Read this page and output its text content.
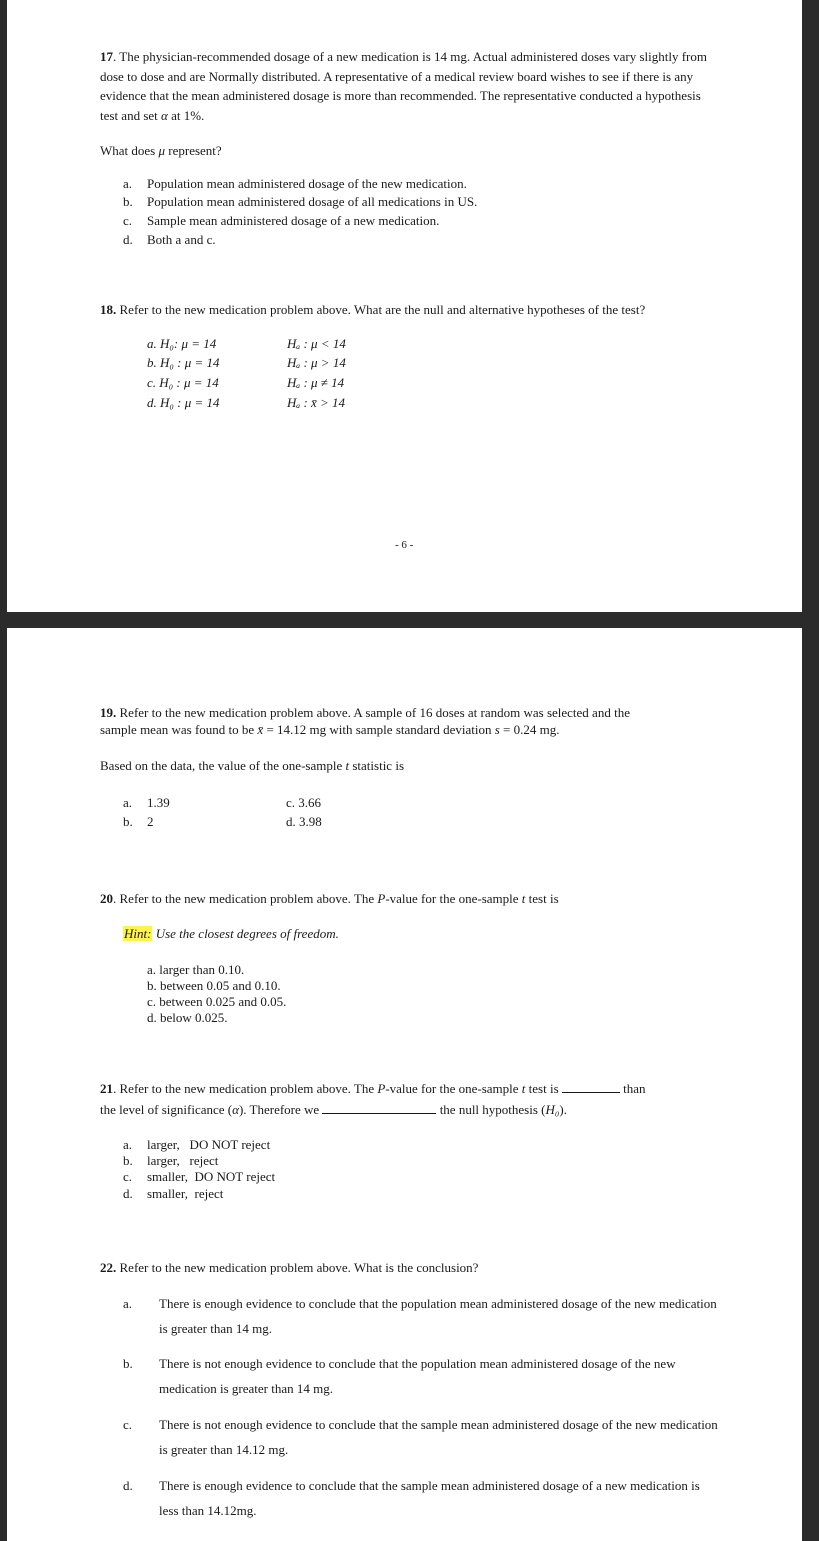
17. The physician-recommended dosage of a new medication is 14 mg. Actual administered doses vary slightly from dose to dose and are Normally distributed. A representative of a medical review board wishes to see if there is any evidence that the mean administered dosage is more than recommended. The representative conducted a hypothesis test and set α at 1%.
What does μ represent?
a. Population mean administered dosage of the new medication.
b. Population mean administered dosage of all medications in US.
c. Sample mean administered dosage of a new medication.
d. Both a and c.
18. Refer to the new medication problem above. What are the null and alternative hypotheses of the test?
a. H₀: μ = 14	Hₐ : μ < 14
b. H₀ : μ = 14	Hₐ : μ > 14
c. H₀ : μ = 14	Hₐ : μ ≠ 14
d. H₀ : μ = 14	Hₐ : x̄ > 14
- 6 -
19. Refer to the new medication problem above. A sample of 16 doses at random was selected and the
sample mean was found to be x̄ = 14.12 mg with sample standard deviation s = 0.24 mg.
Based on the data, the value of the one-sample t statistic is
a. 1.39
b. 2
c. 3.66
d. 3.98
20. Refer to the new medication problem above. The P-value for the one-sample t test is
Hint: Use the closest degrees of freedom.
a. larger than 0.10.
b. between 0.05 and 0.10.
c. between 0.025 and 0.05.
d. below 0.025.
21. Refer to the new medication problem above. The P-value for the one-sample t test is	than
the level of significance (α). Therefore we	the null hypothesis (H₀).
a. larger,   DO NOT reject
b. larger,   reject
c. smaller,  DO NOT reject
d. smaller,  reject
22. Refer to the new medication problem above. What is the conclusion?
a. There is enough evidence to conclude that the population mean administered dosage of the new medication is greater than 14 mg.
b. There is not enough evidence to conclude that the population mean administered dosage of the new medication is greater than 14 mg.
c. There is not enough evidence to conclude that the sample mean administered dosage of the new medication is greater than 14.12 mg.
d. There is enough evidence to conclude that the sample mean administered dosage of a new medication is less than 14.12mg.
